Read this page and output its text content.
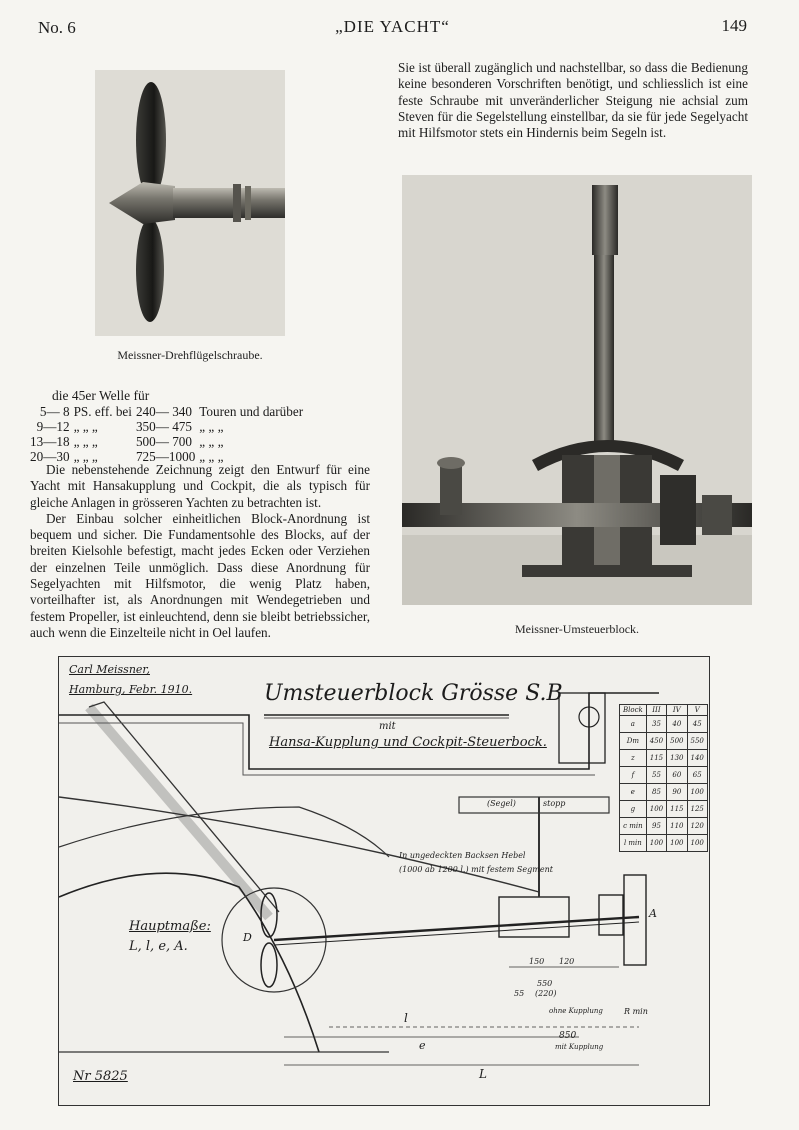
No. 6	„DIE YACHT“	149
Meissner-Drehflügelschraube.

Sie ist überall zugänglich und nachstellbar, so dass die Bedienung keine besonderen Vorschriften benötigt, und schliesslich ist eine feste Schraube mit unveränderlicher Steigung nie achsial zum Steven für die Segelstellung einstellbar, da sie für jede Segelyacht mit Hilfsmotor stets ein Hindernis beim Segeln ist.

Meissner-Umsteuerblock.
die 45er Welle für
5— 8	PS. eff. bei	240— 340	Touren und darüber
9—12	„ „ „	350— 475	„ „ „
13—18	„ „ „	500— 700	„ „ „
20—30	„ „ „	725—1000	„ „ „

Die nebenstehende Zeichnung zeigt den Entwurf für eine Yacht mit Hansakupplung und Cockpit, die als typisch für gleiche Anlagen in grösseren Yachten zu betrachten ist.

Der Einbau solcher einheitlichen Block-Anordnung ist bequem und sicher. Die Fundamentsohle des Blocks, auf der breiten Kielsohle befestigt, macht jedes Ecken oder Verziehen der einzelnen Teile unmöglich. Dass diese Anordnung für Segelyachten mit Hilfsmotor, die wenig Platz haben, vorteilhafter ist, als Anordnungen mit Wendegetrieben und festem Propeller, ist einleuchtend, denn sie bleibt betriebssicher, auch wenn die Einzelteile nicht in Oel laufen.

Carl Meissner,
Hamburg, Febr. 1910.	Umsteuerblock Grösse S.B
mit
Hansa-Kupplung und Cockpit-Steuerbock.
Hauptmaße:
L, l, e, A.
In ungedeckten Backsen Hebel
(1000 ab 1200 l.) mit festem Segment
(Segel)	stopp
Nr 5825
150 120
550
(220)
55
850
mit Kupplung
ohne Kupplung	R min
L
l
e
D
A
Block	III	IV	V
a	35	40	45
Dm	450	500	550
z	115	130	140
f	55	60	65
e	85	90	100
g	100	115	125
c min	95	110	120
l min	100	100	100
